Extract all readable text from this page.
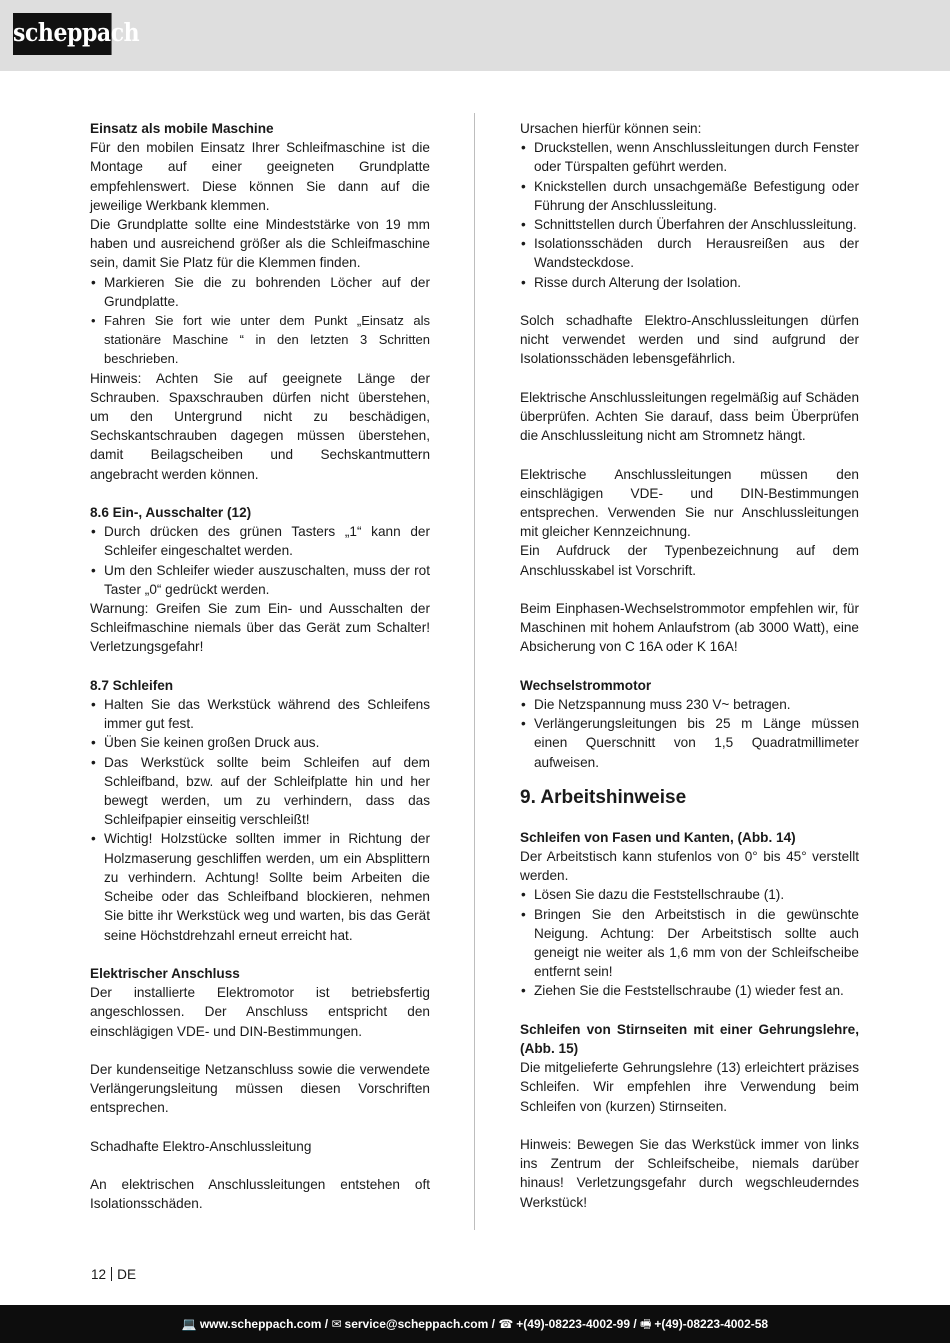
scheppach
Einsatz als mobile Maschine

Für den mobilen Einsatz Ihrer Schleifmaschine ist die Montage auf einer geeigneten Grundplatte empfehlenswert. Diese können Sie dann auf die jeweilige Werkbank klemmen.

Die Grundplatte sollte eine Mindeststärke von 19 mm haben und ausreichend größer als die Schleifmaschine sein, damit Sie Platz für die Klemmen finden.

• Markieren Sie die zu bohrenden Löcher auf der Grundplatte.
• Fahren Sie fort wie unter dem Punkt „Einsatz als stationäre Maschine “ in den letzten 3 Schritten beschrieben.

Hinweis: Achten Sie auf geeignete Länge der Schrauben. Spaxschrauben dürfen nicht überstehen, um den Untergrund nicht zu beschädigen, Sechskantschrauben dagegen müssen überstehen, damit Beilagscheiben und Sechskantmuttern angebracht werden können.

8.6 Ein-, Ausschalter (12)
• Durch drücken des grünen Tasters „1“ kann der Schleifer eingeschaltet werden.
• Um den Schleifer wieder auszuschalten, muss der rot Taster „0“ gedrückt werden.

Warnung: Greifen Sie zum Ein- und Ausschalten der Schleifmaschine niemals über das Gerät zum Schalter! Verletzungsgefahr!

8.7 Schleifen
• Halten Sie das Werkstück während des Schleifens immer gut fest.
• Üben Sie keinen großen Druck aus.
• Das Werkstück sollte beim Schleifen auf dem Schleifband, bzw. auf der Schleifplatte hin und her bewegt werden, um zu verhindern, dass das Schleifpapier einseitig verschleißt!
• Wichtig! Holzstücke sollten immer in Richtung der Holzmaserung geschliffen werden, um ein Absplittern zu verhindern. Achtung! Sollte beim Arbeiten die Scheibe oder das Schleifband blockieren, nehmen Sie bitte ihr Werkstück weg und warten, bis das Gerät seine Höchstdrehzahl erneut erreicht hat.
Elektrischer Anschluss

Der installierte Elektromotor ist betriebsfertig angeschlossen. Der Anschluss entspricht den einschlägigen VDE- und DIN-Bestimmungen.

Der kundenseitige Netzanschluss sowie die verwendete Verlängerungsleitung müssen diesen Vorschriften entsprechen.

Schadhafte Elektro-Anschlussleitung

An elektrischen Anschlussleitungen entstehen oft Isolationsschäden.

Ursachen hierfür können sein:

• Druckstellen, wenn Anschlussleitungen durch Fenster oder Türspalten geführt werden.
• Knickstellen durch unsachgemäße Befestigung oder Führung der Anschlussleitung.
• Schnittstellen durch Überfahren der Anschlussleitung.
• Isolationsschäden durch Herausreißen aus der Wandsteckdose.
• Risse durch Alterung der Isolation.

Solch schadhafte Elektro-Anschlussleitungen dürfen nicht verwendet werden und sind aufgrund der Isolationsschäden lebensgefährlich.

Elektrische Anschlussleitungen regelmäßig auf Schäden überprüfen. Achten Sie darauf, dass beim Überprüfen die Anschlussleitung nicht am Stromnetz hängt.

Elektrische Anschlussleitungen müssen den einschlägigen VDE- und DIN-Bestimmungen entsprechen. Verwenden Sie nur Anschlussleitungen mit gleicher Kennzeichnung.

Ein Aufdruck der Typenbezeichnung auf dem Anschlusskabel ist Vorschrift.

Beim Einphasen-Wechselstrommotor empfehlen wir, für Maschinen mit hohem Anlaufstrom (ab 3000 Watt), eine Absicherung von C 16A oder K 16A!

Wechselstrommotor
• Die Netzspannung muss 230 V~ betragen.
• Verlängerungsleitungen bis 25 m Länge müssen einen Querschnitt von 1,5 Quadratmillimeter aufweisen.
9. Arbeitshinweise
Schleifen von Fasen und Kanten, (Abb. 14)

Der Arbeitstisch kann stufenlos von 0° bis 45° verstellt werden.

• Lösen Sie dazu die Feststellschraube (1).
• Bringen Sie den Arbeitstisch in die gewünschte Neigung. Achtung: Der Arbeitstisch sollte auch geneigt nie weiter als 1,6 mm von der Schleifscheibe entfernt sein!
• Ziehen Sie die Feststellschraube (1) wieder fest an.
Schleifen von Stirnseiten mit einer Gehrungslehre, (Abb. 15)

Die mitgelieferte Gehrungslehre (13) erleichtert präzises Schleifen. Wir empfehlen ihre Verwendung beim Schleifen von (kurzen) Stirnseiten.

Hinweis: Bewegen Sie das Werkstück immer von links ins Zentrum der Schleifscheibe, niemals darüber hinaus! Verletzungsgefahr durch wegschleuderndes Werkstück!

12 DE
💻 www.scheppach.com / ✉ service@scheppach.com / ☎ +(49)-08223-4002-99 / 🖷 +(49)-08223-4002-58
